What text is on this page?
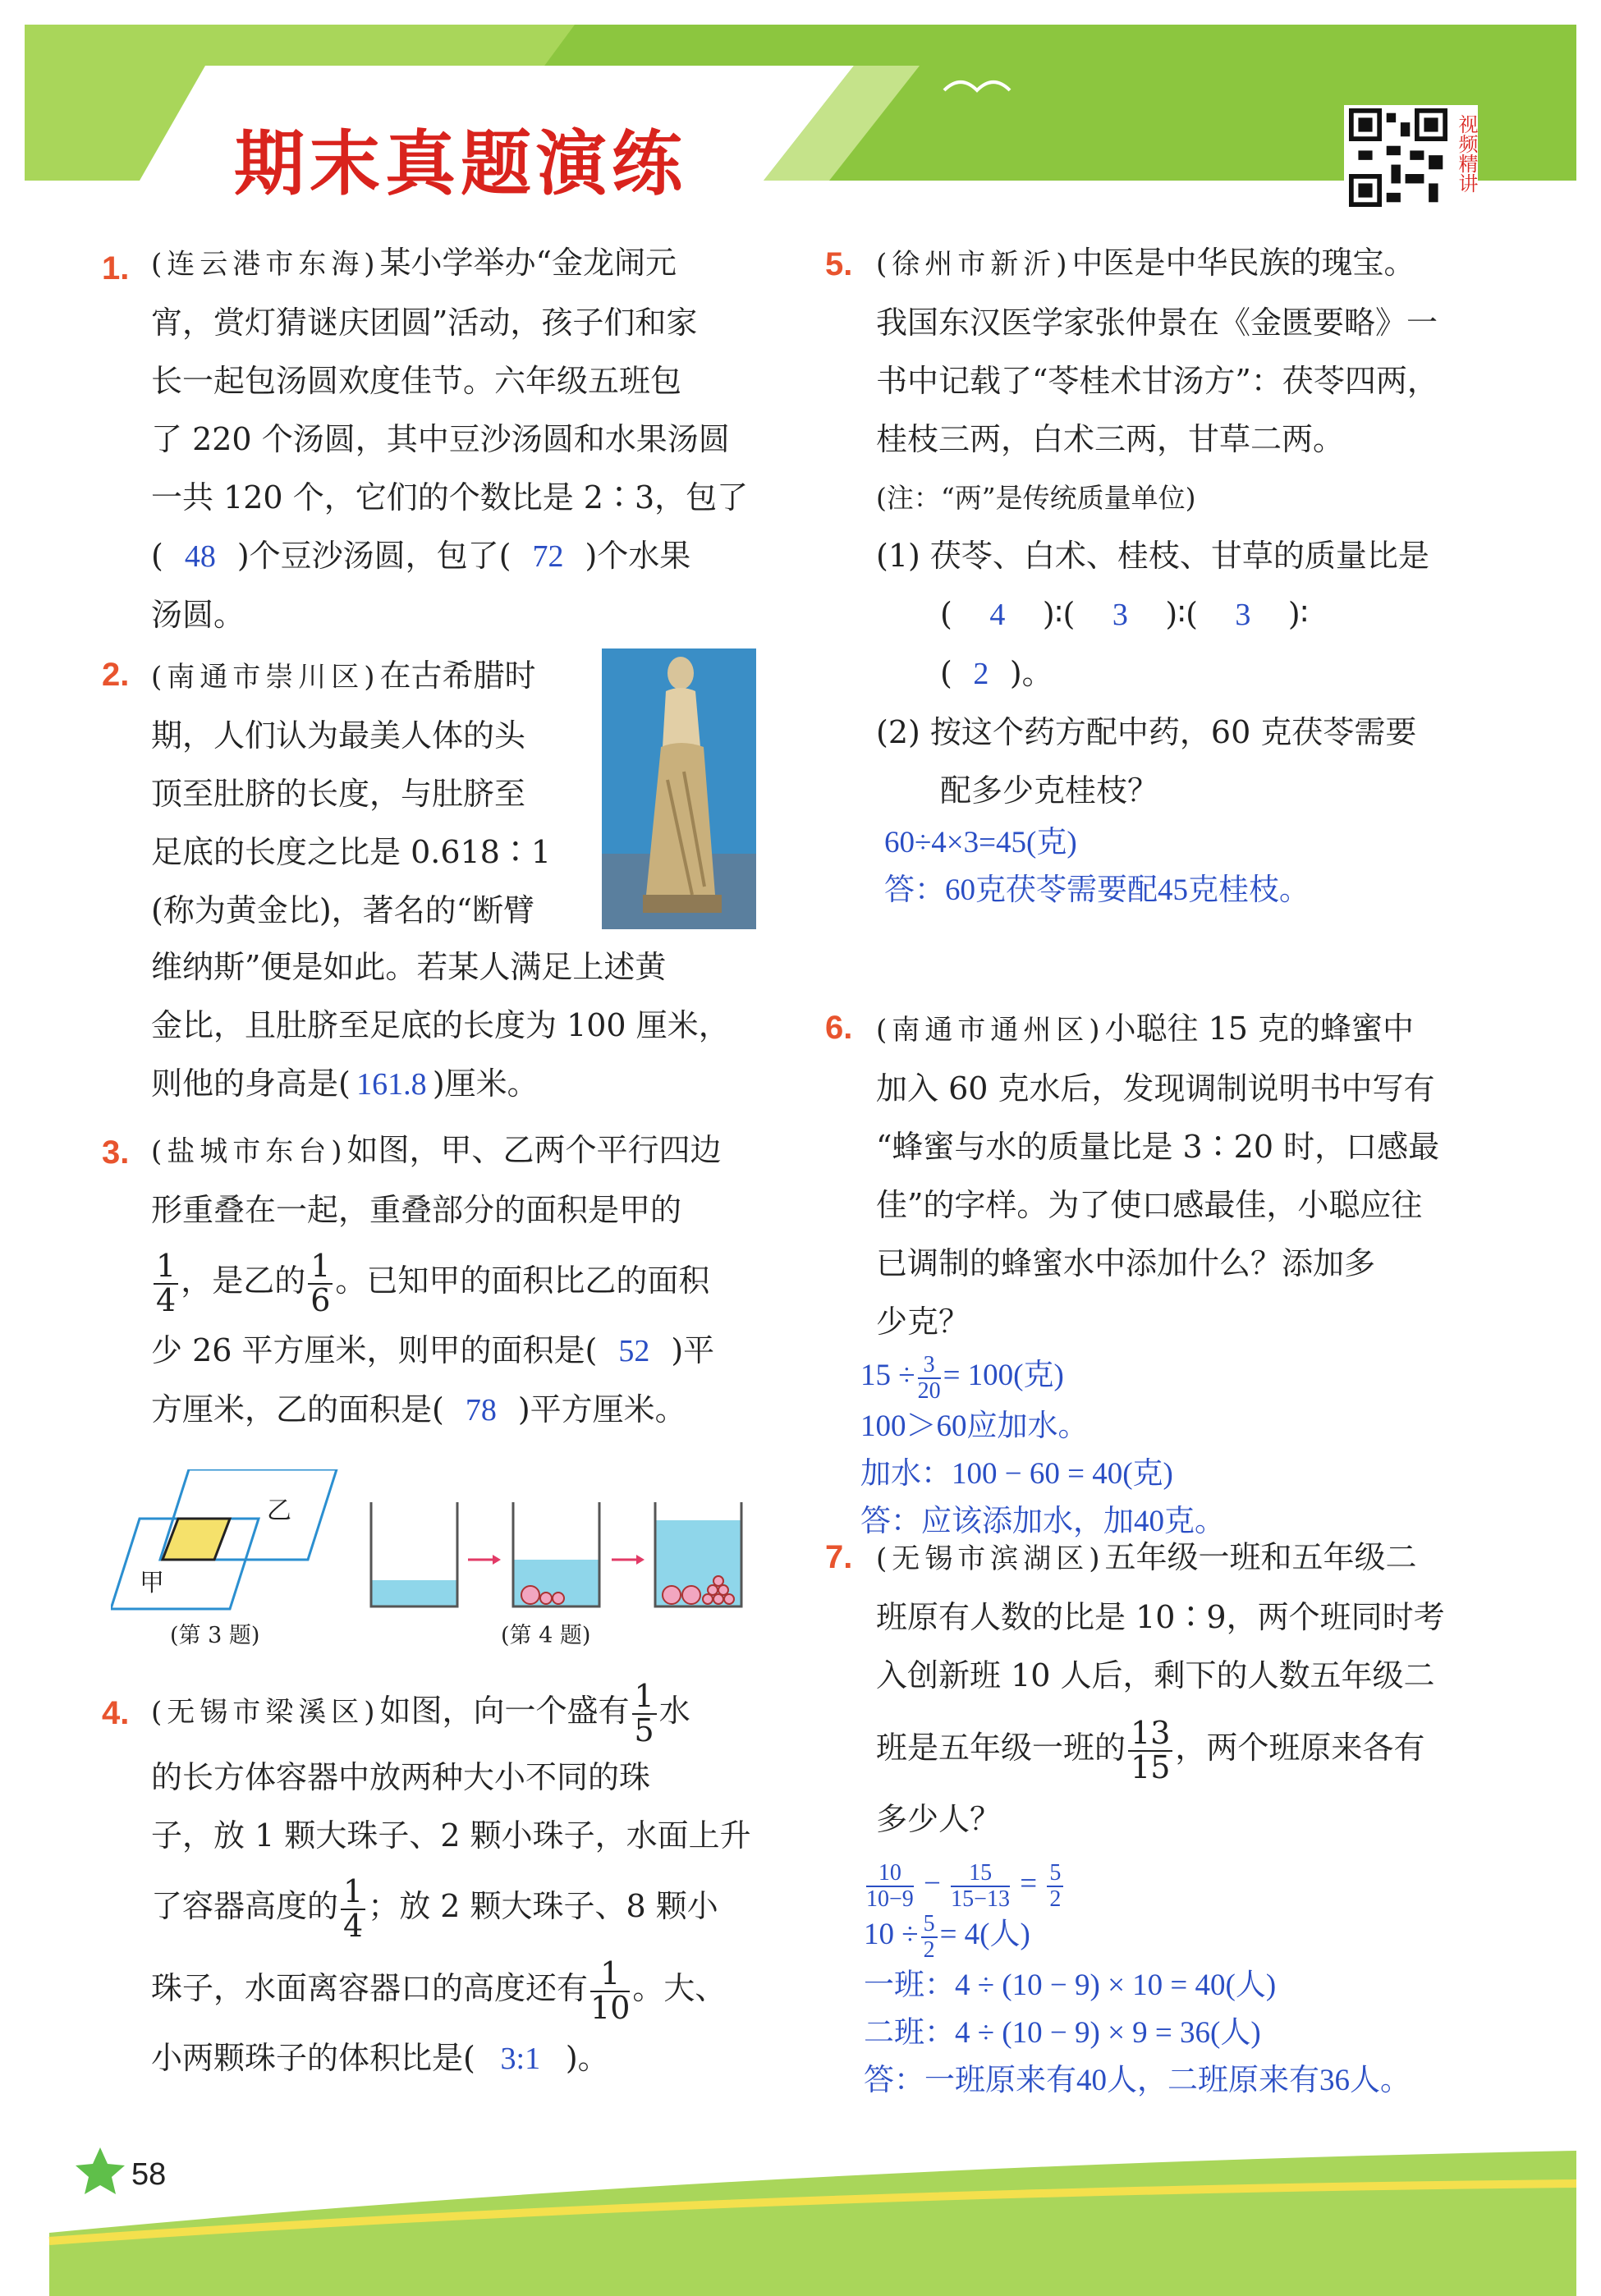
期末真题演练	视频精讲
1. (连云港市东海)某小学举办“金龙闹元
宵，赏灯猜谜庆团圆”活动，孩子们和家
长一起包汤圆欢度佳节。六年级五班包
了 220 个汤圆，其中豆沙汤圆和水果汤圆
一共 120 个，它们的个数比是 2∶3，包了
( 48 )个豆沙汤圆，包了( 72 )个水果
汤圆。
2. (南通市崇川区)在古希腊时
期，人们认为最美人体的头
顶至肚脐的长度，与肚脐至
足底的长度之比是 0.618∶1
(称为黄金比)，著名的“断臂
维纳斯”便是如此。若某人满足上述黄
金比，且肚脐至足底的长度为 100 厘米，
则他的身高是( 161.8 )厘米。
3. (盐城市东台)如图，甲、乙两个平行四边
形重叠在一起，重叠部分的面积是甲的
$\frac{1}{4}$ ，是乙的 $\frac{1}{6}$ 。已知甲的面积比乙的面积
少 26 平方厘米，则甲的面积是( 52 )平
方厘米，乙的面积是( 78 )平方厘米。
乙
甲
(第 3 题)	(第 4 题)
4. (无锡市梁溪区)如图，向一个盛有 $\frac{1}{5}$ 水
的长方体容器中放两种大小不同的珠
子，放 1 颗大珠子、2 颗小珠子，水面上升
了容器高度的 $\frac{1}{4}$ ；放 2 颗大珠子、8 颗小
珠子，水面离容器口的高度还有 $\frac{1}{10}$ 。大、
小两颗珠子的体积比是( 3:1 )。
5. (徐州市新沂)中医是中华民族的瑰宝。
我国东汉医学家张仲景在《金匮要略》一
书中记载了“苓桂术甘汤方”：茯苓四两，
桂枝三两，白术三两，甘草二两。
(注：“两”是传统质量单位)
(1) 茯苓、白术、桂枝、甘草的质量比是
( 4 )∶( 3 )∶( 3 )∶
( 2 )。
(2) 按这个药方配中药，60 克茯苓需要
配多少克桂枝？
60÷4×3=45(克)
答：60克茯苓需要配45克桂枝。
6. (南通市通州区)小聪往 15 克的蜂蜜中
加入 60 克水后，发现调制说明书中写有
“蜂蜜与水的质量比是 3∶20 时，口感最
佳”的字样。为了使口感最佳，小聪应往
已调制的蜂蜜水中添加什么？添加多
少克？
$15 \div \frac{3}{20} = 100$(克)
100＞60应加水。
加水：100 − 60 = 40(克)
答：应该添加水，加40克。
7. (无锡市滨湖区)五年级一班和五年级二
班原有人数的比是 10∶9，两个班同时考
入创新班 10 人后，剩下的人数五年级二
班是五年级一班的 $\frac{13}{15}$ ，两个班原来各有
多少人？
$\frac{10}{10-9} - \frac{15}{15-13} = \frac{5}{2}$
$10 \div \frac{5}{2} = 4$(人)
一班：4 ÷ (10 − 9) × 10 = 40(人)
二班：4 ÷ (10 − 9) × 9 = 36(人)
答：一班原来有40人，二班原来有36人。
58
